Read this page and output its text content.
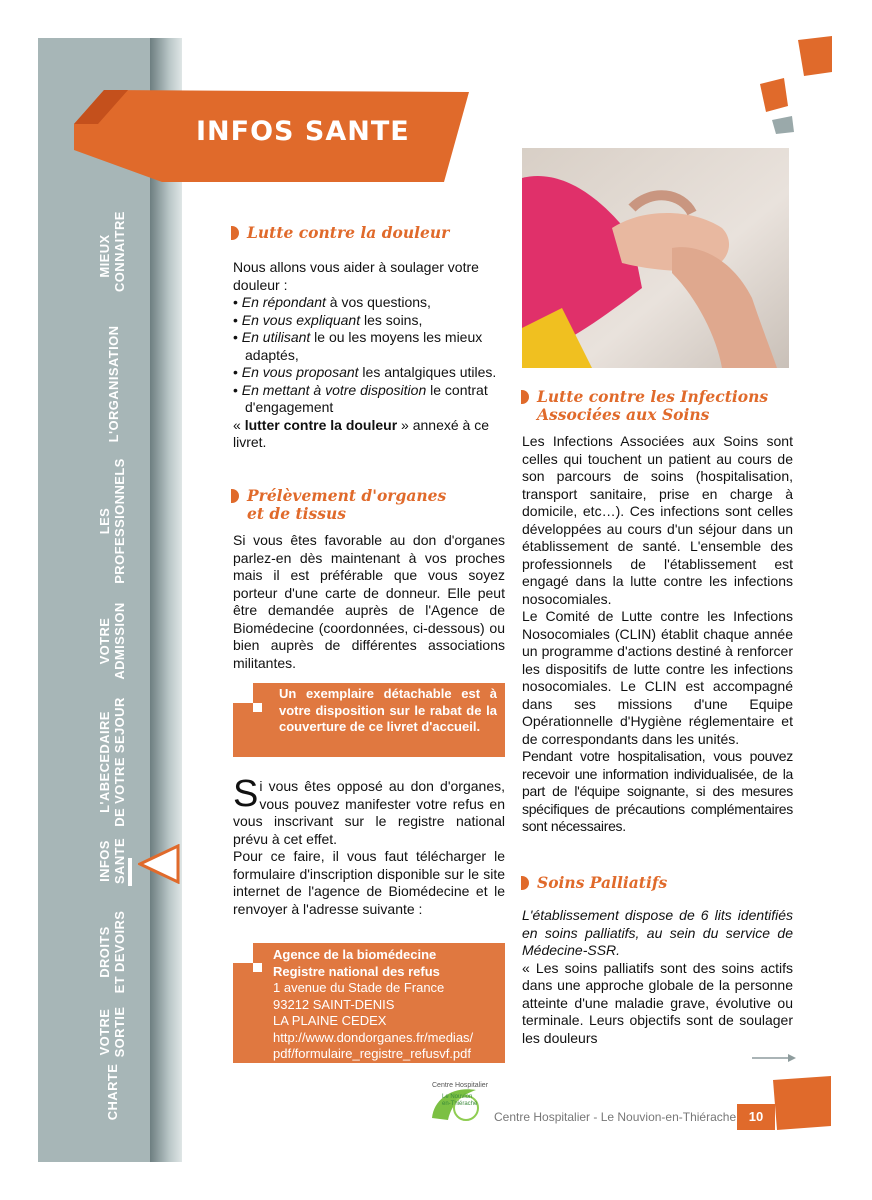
MIEUX CONNAITRE
L'ORGANISATION
LES PROFESSIONNELS
VOTRE ADMISSION
L'ABECEDAIRE DE VOTRE SEJOUR
INFOS SANTE
DROITS ET DEVOIRS
VOTRE SORTIE
CHARTE
INFOS SANTE
Lutte contre la douleur

Nous allons vous aider à soulager votre douleur :

• En répondant à vos questions,

• En vous expliquant les soins,

• En utilisant le ou les moyens les mieux adaptés,

• En vous proposant les antalgiques utiles.

• En mettant à votre disposition le contrat d'engagement

« lutter contre la douleur » annexé à ce livret.

Prélèvement d'organes
et de tissus

Si vous êtes favorable au don d'organes parlez-en dès maintenant à vos proches mais il est préférable que vous soyez porteur d'une carte de donneur. Elle peut être demandée auprès de l'Agence de Biomédecine (coordonnées, ci-dessous) ou bien auprès de différentes associations militantes.

Un exemplaire détachable est à votre disposition sur le rabat de la couverture de ce livret d'accueil.

Si vous êtes opposé au don d'organes, vous pouvez manifester votre refus en vous inscrivant sur le registre national prévu à cet effet.

Pour ce faire, il vous faut télécharger le formulaire d'inscription disponible sur le site internet de l'agence de Biomédecine et le renvoyer à l'adresse suivante :

Agence de la biomédecine
Registre national des refus
1 avenue du Stade de France
93212 SAINT-DENIS
LA PLAINE CEDEX
http://www.dondorganes.fr/medias/
pdf/formulaire_registre_refusvf.pdf
Lutte contre les Infections
Associées aux Soins

Les Infections Associées aux Soins sont celles qui touchent un patient au cours de son parcours de soins (hospitalisation, transport sanitaire, prise en charge à domicile, etc…). Ces infections sont celles développées au cours d'un séjour dans un établissement de santé. L'ensemble des professionnels de l'établissement est engagé dans la lutte contre les infections nosocomiales.

Le Comité de Lutte contre les Infections Nosocomiales (CLIN) établit chaque année un programme d'actions destiné à renforcer les dispositifs de lutte contre les infections nosocomiales. Le CLIN est accompagné dans ses missions d'une Equipe Opérationnelle d'Hygiène réglementaire et de correspondants dans les unités.

Pendant votre hospitalisation, vous pouvez recevoir une information individualisée, de la part de l'équipe soignante, si des mesures spécifiques de précautions complémentaires sont nécessaires.

Soins Palliatifs

L'établissement dispose de 6 lits identifiés en soins palliatifs, au sein du service de Médecine-SSR.

« Les soins palliatifs sont des soins actifs dans une approche globale de la personne atteinte d'une maladie grave, évolutive ou terminale. Leurs objectifs sont de soulager les douleurs

Centre Hospitalier
Le Nouvion en-Thiérache
Centre Hospitalier - Le Nouvion-en-Thiérache 10
